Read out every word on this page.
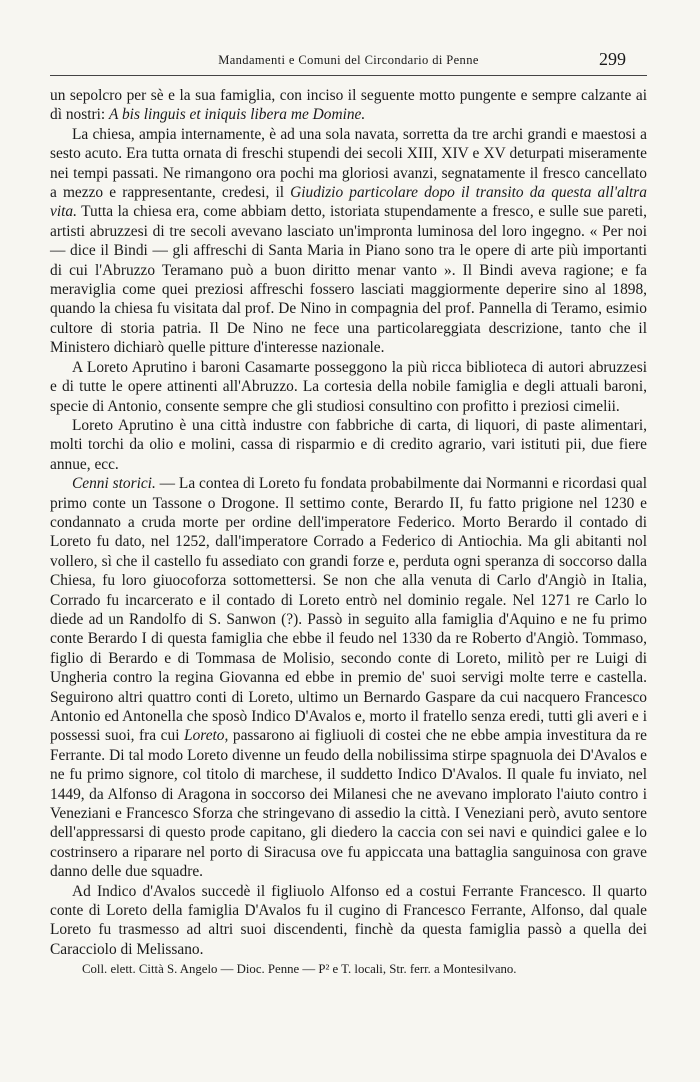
Mandamenti e Comuni del Circondario di Penne	299

un sepolcro per sè e la sua famiglia, con inciso il seguente motto pungente e sempre calzante ai dì nostri: A bis linguis et iniquis libera me Domine.

La chiesa, ampia internamente, è ad una sola navata, sorretta da tre archi grandi e maestosi a sesto acuto. Era tutta ornata di freschi stupendi dei secoli XIII, XIV e XV deturpati miseramente nei tempi passati. Ne rimangono ora pochi ma gloriosi avanzi, segnatamente il fresco cancellato a mezzo e rappresentante, credesi, il Giudizio particolare dopo il transito da questa all'altra vita. Tutta la chiesa era, come abbiam detto, istoriata stupendamente a fresco, e sulle sue pareti, artisti abruzzesi di tre secoli avevano lasciato un'impronta luminosa del loro ingegno. « Per noi — dice il Bindi — gli affreschi di Santa Maria in Piano sono tra le opere di arte più importanti di cui l'Abruzzo Teramano può a buon diritto menar vanto ». Il Bindi aveva ragione; e fa meraviglia come quei preziosi affreschi fossero lasciati maggiormente deperire sino al 1898, quando la chiesa fu visitata dal prof. De Nino in compagnia del prof. Pannella di Teramo, esimio cultore di storia patria. Il De Nino ne fece una particolareggiata descrizione, tanto che il Ministero dichiarò quelle pitture d'interesse nazionale.

A Loreto Aprutino i baroni Casamarte posseggono la più ricca biblioteca di autori abruzzesi e di tutte le opere attinenti all'Abruzzo. La cortesia della nobile famiglia e degli attuali baroni, specie di Antonio, consente sempre che gli studiosi consultino con profitto i preziosi cimelii.

Loreto Aprutino è una città industre con fabbriche di carta, di liquori, di paste alimentari, molti torchi da olio e molini, cassa di risparmio e di credito agrario, vari istituti pii, due fiere annue, ecc.

Cenni storici. — La contea di Loreto fu fondata probabilmente dai Normanni e ricordasi qual primo conte un Tassone o Drogone. Il settimo conte, Berardo II, fu fatto prigione nel 1230 e condannato a cruda morte per ordine dell'imperatore Federico. Morto Berardo il contado di Loreto fu dato, nel 1252, dall'imperatore Corrado a Federico di Antiochia. Ma gli abitanti nol vollero, sì che il castello fu assediato con grandi forze e, perduta ogni speranza di soccorso dalla Chiesa, fu loro giuocoforza sottomettersi. Se non che alla venuta di Carlo d'Angiò in Italia, Corrado fu incarcerato e il contado di Loreto entrò nel dominio regale. Nel 1271 re Carlo lo diede ad un Randolfo di S. Sanwon (?). Passò in seguito alla famiglia d'Aquino e ne fu primo conte Berardo I di questa famiglia che ebbe il feudo nel 1330 da re Roberto d'Angiò. Tommaso, figlio di Berardo e di Tommasa de Molisio, secondo conte di Loreto, militò per re Luigi di Ungheria contro la regina Giovanna ed ebbe in premio de' suoi servigi molte terre e castella. Seguirono altri quattro conti di Loreto, ultimo un Bernardo Gaspare da cui nacquero Francesco Antonio ed Antonella che sposò Indico D'Avalos e, morto il fratello senza eredi, tutti gli averi e i possessi suoi, fra cui Loreto, passarono ai figliuoli di costei che ne ebbe ampia investitura da re Ferrante. Di tal modo Loreto divenne un feudo della nobilissima stirpe spagnuola dei D'Avalos e ne fu primo signore, col titolo di marchese, il suddetto Indico D'Avalos. Il quale fu inviato, nel 1449, da Alfonso di Aragona in soccorso dei Milanesi che ne avevano implorato l'aiuto contro i Veneziani e Francesco Sforza che stringevano di assedio la città. I Veneziani però, avuto sentore dell'appressarsi di questo prode capitano, gli diedero la caccia con sei navi e quindici galee e lo costrinsero a riparare nel porto di Siracusa ove fu appiccata una battaglia sanguinosa con grave danno delle due squadre.

Ad Indico d'Avalos succedè il figliuolo Alfonso ed a costui Ferrante Francesco. Il quarto conte di Loreto della famiglia D'Avalos fu il cugino di Francesco Ferrante, Alfonso, dal quale Loreto fu trasmesso ad altri suoi discendenti, finchè da questa famiglia passò a quella dei Caracciolo di Melissano.

Coll. elett. Città S. Angelo — Dioc. Penne — P² e T. locali, Str. ferr. a Montesilvano.
